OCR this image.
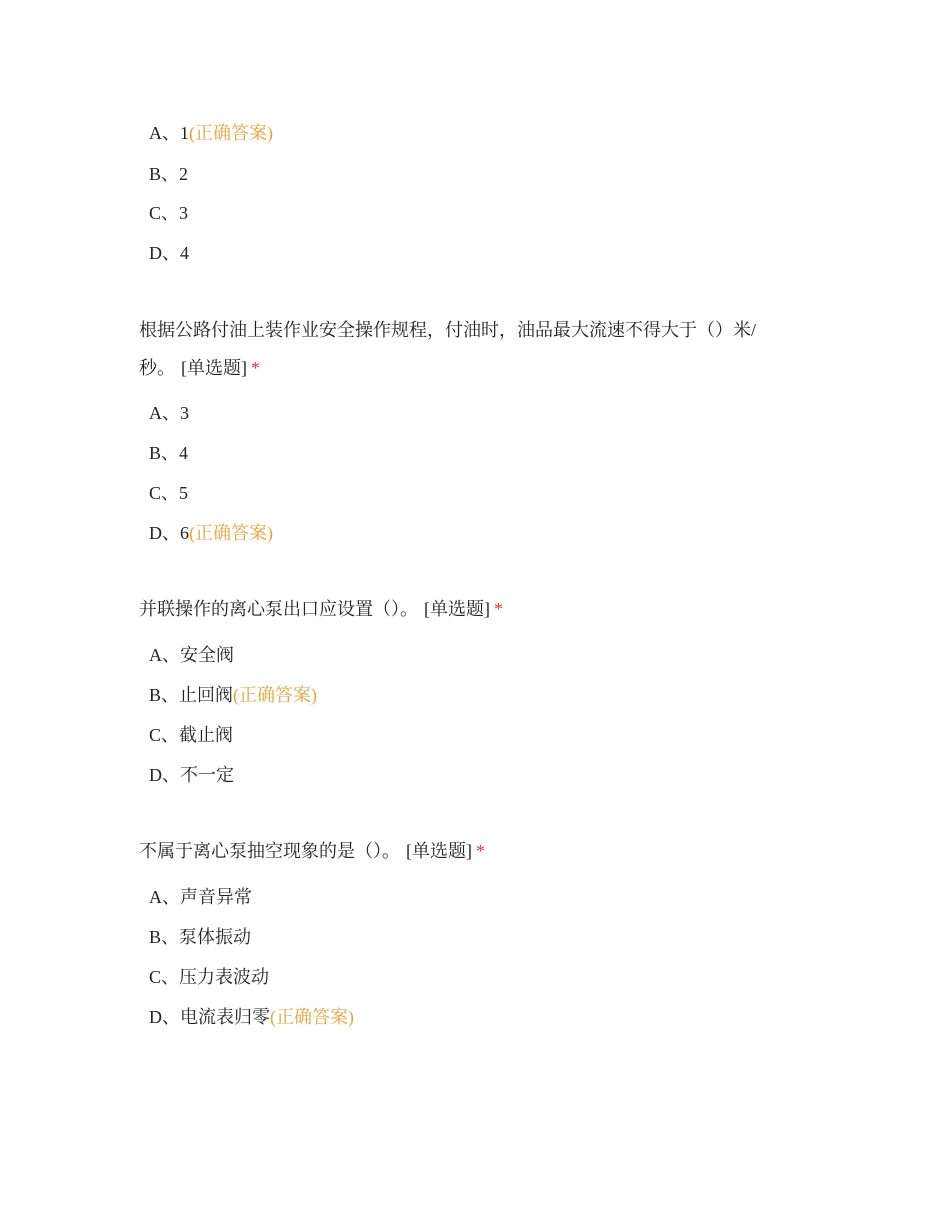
A、1(正确答案)
B、2
C、3
D、4
根据公路付油上装作业安全操作规程，付油时，油品最大流速不得大于（）米/
秒。 [单选题] *
A、3
B、4
C、5
D、6(正确答案)
并联操作的离心泵出口应设置（）。 [单选题] *
A、安全阀
B、止回阀(正确答案)
C、截止阀
D、不一定
不属于离心泵抽空现象的是（）。 [单选题] *
A、声音异常
B、泵体振动
C、压力表波动
D、电流表归零(正确答案)
